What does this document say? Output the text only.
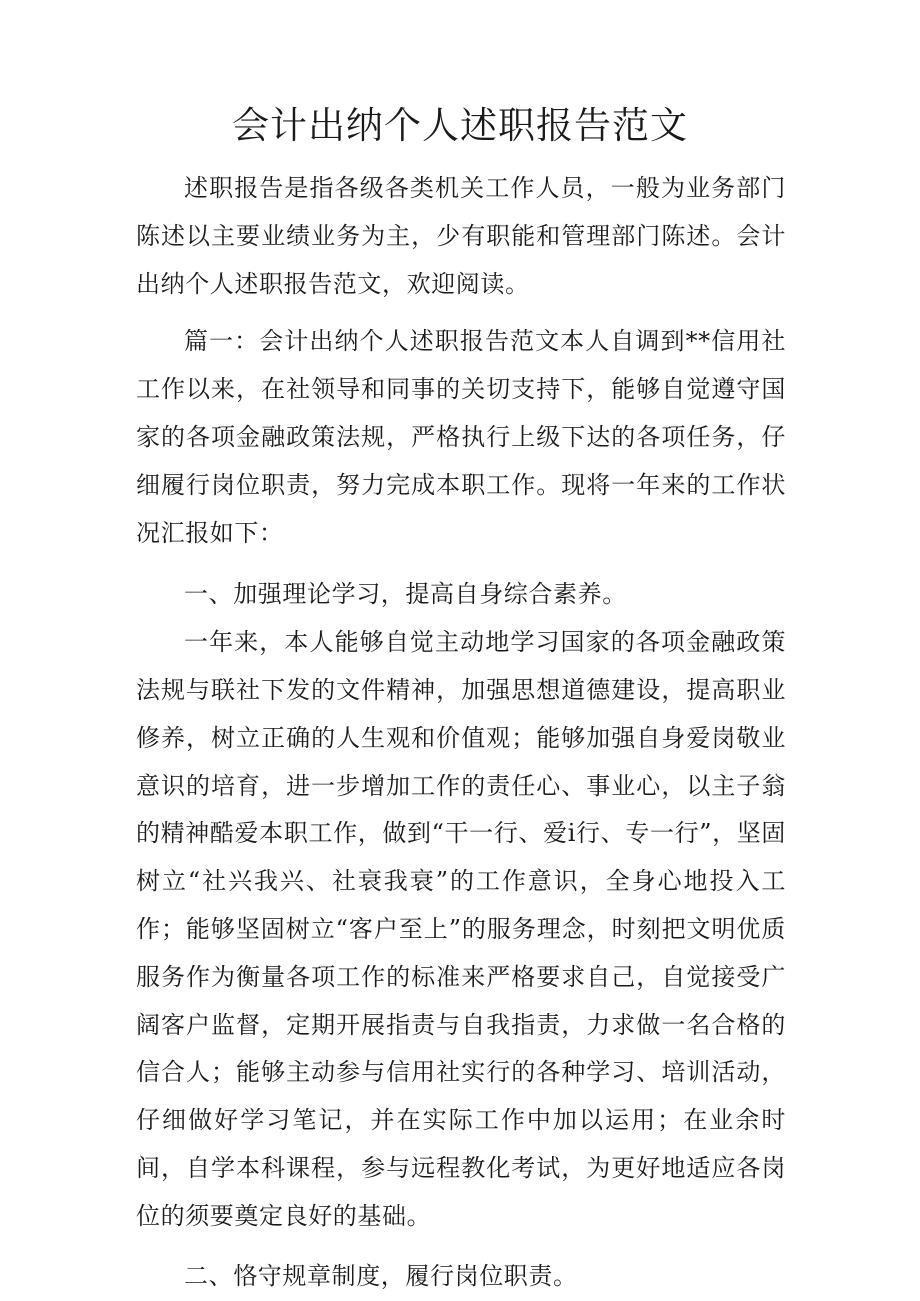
会计出纳个人述职报告范文

述职报告是指各级各类机关工作人员，一般为业务部门陈述以主要业绩业务为主，少有职能和管理部门陈述。会计出纳个人述职报告范文，欢迎阅读。

篇一：会计出纳个人述职报告范文本人自调到**信用社工作以来，在社领导和同事的关切支持下，能够自觉遵守国家的各项金融政策法规，严格执行上级下达的各项任务，仔细履行岗位职责，努力完成本职工作。现将一年来的工作状况汇报如下：

一、加强理论学习，提高自身综合素养。

一年来，本人能够自觉主动地学习国家的各项金融政策法规与联社下发的文件精神，加强思想道德建设，提高职业修养，树立正确的人生观和价值观；能够加强自身爱岗敬业意识的培育，进一步增加工作的责任心、事业心，以主子翁的精神酷爱本职工作，做到“干一行、爱i行、专一行”，坚固树立“社兴我兴、社衰我衰”的工作意识，全身心地投入工作；能够坚固树立“客户至上”的服务理念，时刻把文明优质服务作为衡量各项工作的标准来严格要求自己，自觉接受广阔客户监督，定期开展指责与自我指责，力求做一名合格的信合人；能够主动参与信用社实行的各种学习、培训活动，仔细做好学习笔记，并在实际工作中加以运用；在业余时间，自学本科课程，参与远程教化考试，为更好地适应各岗位的须要奠定良好的基础。

二、恪守规章制度，履行岗位职责。
